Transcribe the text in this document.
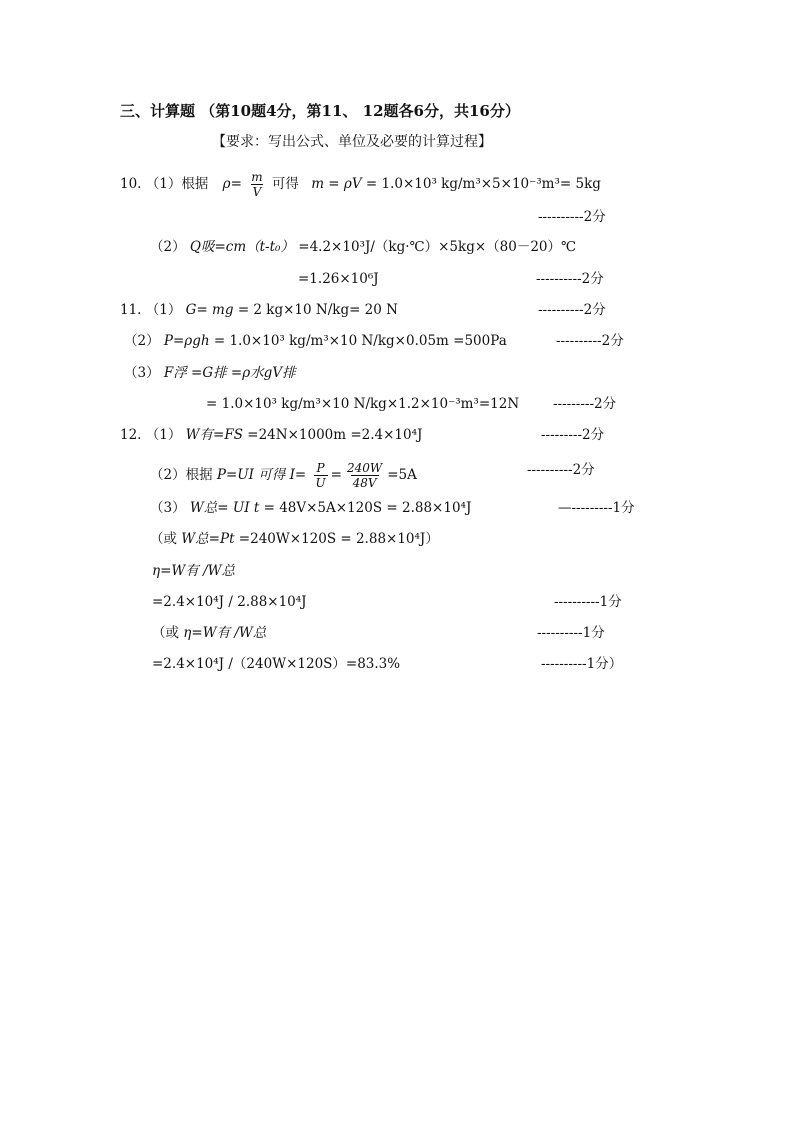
三、计算题 （第10题4分，第11、 12题各6分，共16分）
【要求：写出公式、单位及必要的计算过程】
10. （1）根据 $\rho= \frac{m}{V}$ 可得 m = ρV = 1.0×10³ kg/m³×5×10⁻³m³= 5kg
----------2分
（2） Q吸=cm（t-t₀） =4.2×10³J/（kg·℃）×5kg×（80－20）℃
=1.26×10⁶J	----------2分
11. （1） G= mg = 2 kg×10 N/kg= 20 N	----------2分
（2） P=ρgh = 1.0×10³ kg/m³×10 N/kg×0.05m =500Pa	----------2分
（3） F浮 =G排 =ρ水gV排
= 1.0×10³ kg/m³×10 N/kg×1.2×10⁻³m³=12N	---------2分
12. （1） W有=FS =24N×1000m =2.4×10⁴J	---------2分
（2）根据 P=UI 可得 $I= \frac{P}{U} = \frac{240W}{48V} =5A$	----------2分
（3） W总= UI t = 48V×5A×120S = 2.88×10⁴J	—---------1分
（或 W总=Pt =240W×120S = 2.88×10⁴J）
η=W有 /W总
=2.4×10⁴J / 2.88×10⁴J	----------1分
（或 η=W有 /W总	----------1分
=2.4×10⁴J /（240W×120S）=83.3%	----------1分）
